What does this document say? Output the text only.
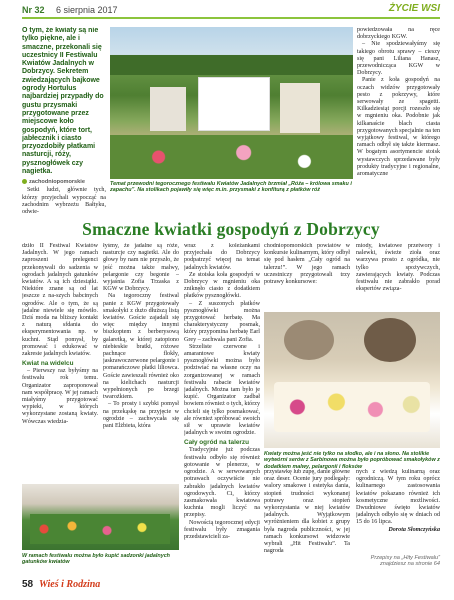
Nr 32 6 sierpnia 2017	ŻYCIE WSI
O tym, że kwiaty są nie tylko piękne, ale i smaczne, przekonali się uczestnicy II Festiwalu Kwiatów Jadalnych w Dobrzycy. Sekretem zwiedzających bajkowe ogrody Hortulus najbardziej przypadły do gustu przysmaki przygotowane przez miejscowe koło gospodyń, które tort, jabłecznik i ciasto przyozdobiły płatkami nasturcji, róży, pysznogłówek czy nagietka.
zachodniopomorskie

Setki ludzi, głównie tych, którzy przyjechali wypocząć na zachodnim wybrzeżu Bałtyku, odwie-

Temat przewodni tegorocznego festiwalu Kwiatów Jadalnych brzmiał „Róża – królowa smaku i zapachu”. Na stolikach pojawiły się więc m.in. przysmaki z konfiturą z płatków róż

powiedzowała na ręce dobrzyckiego KGW.

– Nie spodziewałyśmy się takiego obrotu sprawy – cieszy się pani Liliana Hanasz, przewodnicząca KGW w Dobrzycy.

Panie z koła gospodyń na oczach widzów przygotowały pesto z pokrzywy, które serwowały ze spagetti. Kilkadziesiąt porcji rozeszło się w mgnieniu oka. Podobnie jak kilkanaście blach ciasta przygotowanych specjalnie na ten wyjątkowy festiwal, w którego ramach odbył się także kiermasz. W bogatym asortymencie stoisk wystawczych sprzedawane były produkty tradycyjne i regionalne, aromatyczne

Smaczne kwiatki gospodyń z Dobrzycy

dziło II Festiwal Kwiatów Jadalnych. W jego ramach zaproszeni prelegenci przekonywali do sadzenia w ogrodach jadalnych gatunków kwiatów. A są ich dziesiątki. Niektóre znane są od lat jeszcze z na-szych babcinych ogrodów. Ale o tym, że są jadalne niewiele się mówiło. Dziś moda na bliższy kontakt z naturą sfdania do eksperymentowania np. w kuchni. Stąd pomysł, by promować i edukować w zakresie jadalnych kwiatów.

Kwiat na widelcu

– Pierwszy raz byłyśmy na festiwalu rok temu. Organizator zaproponował nam współpracę. W jej ramach miałyśmy przygotować wypieki, w których wykorzystane zostaną kwiaty. Wówczas wiedzia-

łyśmy, że jadalne są róże, nasturcje czy nagietki. Ale do głowy by nam nie przyszło, że jeść można także malwy, pelargonie czy begonie – wyjaśnia Zofia Trzaska z KGW w Dobrzycy.

Na tegoroczny festiwal panie z KGW przygotowały smakołyki z dużo dłuższą listą kwiatów. Goście zajadali się więc między innymi biszkoptem z berberysową galaretką, w której zatopiono niebieskie bratki, różowe pachnące flokły, jaskrawoczerwone pelargonie i pomarańczowe płatki liliowca. Goście zawieszali również oko na kielichach nasturcji wypełnionych po brzegi twarożkiem.

– To prosty i szybki pomysł na przekąskę na przyjęcie w ogrodzie – zachwycała się pani Elżbieta, która

wraz z koleżankami przyjechała do Dobrzycy podpatrzyć więcej na temat jadalnych kwiatów.

Ze stoiska koła gospodyń w Dobrzycy w mgnieniu oka zniknęło ciasto z dodatkiem płatków pysznogłówki.

– Z suszonych płatków pysznogłówki można przygotować herbatę. Ma charakterystyczny posmak, który przypomina herbatę Earl Grey – zachwala pani Zofia.

Strzeliste czerwone i amarantowe kwiaty pysznogłówki można było podziwiać na własne oczy na zorganizowanej w ramach festiwalu rabacie kwiatów jadalnych. Można tam było je kupić. Organizator zadbał bowiem również o tych, którzy chcieli się tylko posmakować, ale również spróbować swoich sił w uprawie kwiatów jadalnych w swoim ogrodzie.

Cały ogród na talerzu

Tradycyjnie już podczas festiwalu odbyło się również gotowanie w plenerze, w ogrodzie. A w serwowanych potrawach oczywiście nie zabrakło jadalnych kwiatów ogrodowych. Ci, którzy zasmakowała kwiatowa kuchnia mogli liczyć na przepisy.

Nowością tegorocznej edycji festiwalu były zmagania przedstawicieli za-

chodniopomorskich powiatów w konkursie kulinarnym, który odbył się pod hasłem „Cały ogród na talerzu!”. W jego ramach uczestniczy przygotowali trzy potrawy konkursowe:

miody, kwiatowe przetwory i nalewki, świeże zioła oraz warzywa prosto z ogródka, nie tylko spożywczych, zawierających kwiaty. Podczas festiwalu nie zabrakło porad ekspertów związa-

Kwiaty można jeść nie tylko na słodko, ale i na słono. Na stolikie wytwórni serów z Sarbinowa można było popróbować smakołyków z dodatkiem malwy, pelargonii i floksów
W ramach festiwalu można było kupić sadzonki jadalnych gatunków kwiatów

przystawkę lub zupę, danie główne oraz deser. Ocenie jury podlegały: walory smakowe i estetyka dania, stopień trudności wykonanej potrawy oraz stopień wykorzystania w niej kwiatów jadalnych. Wyjątkowym wyróżnieniem dla kobiet z grupy była nagroda publiczności, w jej ramach konkursowi widzowie wybrali „Hit Festiwalu”. Ta nagroda

nych z wiedzą kulinarną oraz ogrodniczą. W tym roku oprócz kulinarnego zastosowania kwiatów pokazano również ich kosmetyczne możliwości. Dwudniowe święto kwiatów jadalnych odbyło się w dniach od 15 do 16 lipca.

Dorota Słomczyńska

Przepisy na „Hity Festiwalu” znajdziesz na stronie 64
58 Wieś i Rodzina
